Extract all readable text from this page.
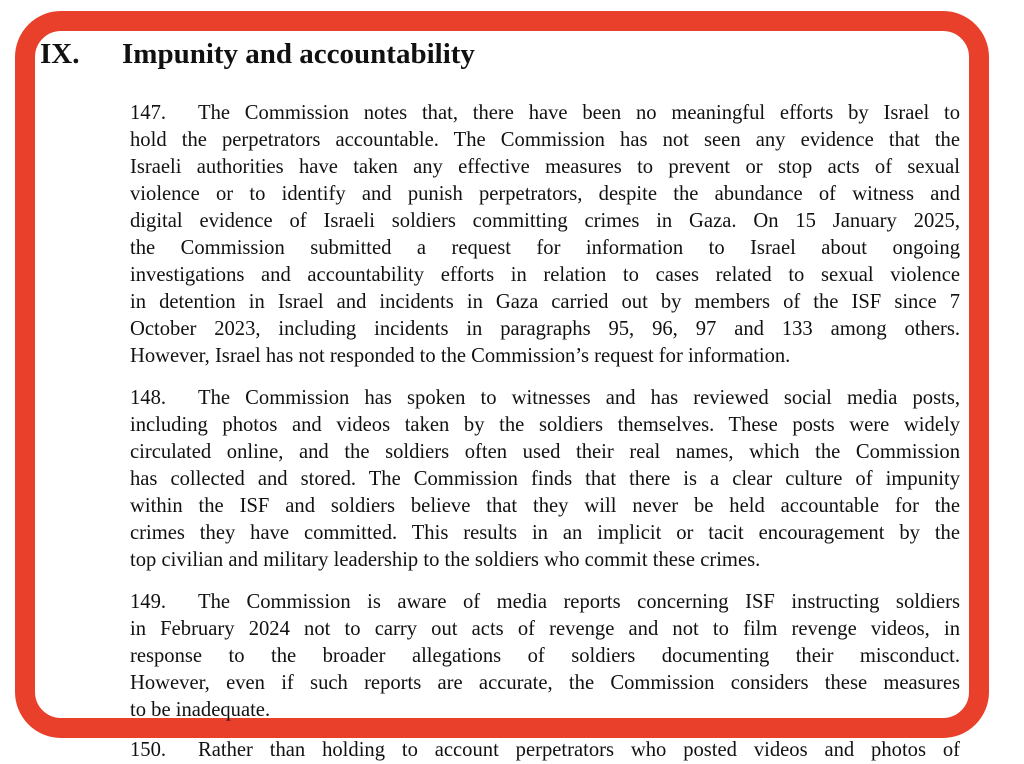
IX. Impunity and accountability
147.	The Commission notes that, there have been no meaningful efforts by Israel to
hold the perpetrators accountable. The Commission has not seen any evidence that the
Israeli authorities have taken any effective measures to prevent or stop acts of sexual
violence or to identify and punish perpetrators, despite the abundance of witness and
digital evidence of Israeli soldiers committing crimes in Gaza. On 15 January 2025,
the Commission submitted a request for information to Israel about ongoing
investigations and accountability efforts in relation to cases related to sexual violence
in detention in Israel and incidents in Gaza carried out by members of the ISF since 7
October 2023, including incidents in paragraphs 95, 96, 97 and 133 among others.
However, Israel has not responded to the Commission’s request for information.
148.	The Commission has spoken to witnesses and has reviewed social media posts,
including photos and videos taken by the soldiers themselves. These posts were widely
circulated online, and the soldiers often used their real names, which the Commission
has collected and stored. The Commission finds that there is a clear culture of impunity
within the ISF and soldiers believe that they will never be held accountable for the
crimes they have committed. This results in an implicit or tacit encouragement by the
top civilian and military leadership to the soldiers who commit these crimes.
149.	The Commission is aware of media reports concerning ISF instructing soldiers
in February 2024 not to carry out acts of revenge and not to film revenge videos, in
response to the broader allegations of soldiers documenting their misconduct.
However, even if such reports are accurate, the Commission considers these measures
to be inadequate.
150.	Rather than holding to account perpetrators who posted videos and photos of
